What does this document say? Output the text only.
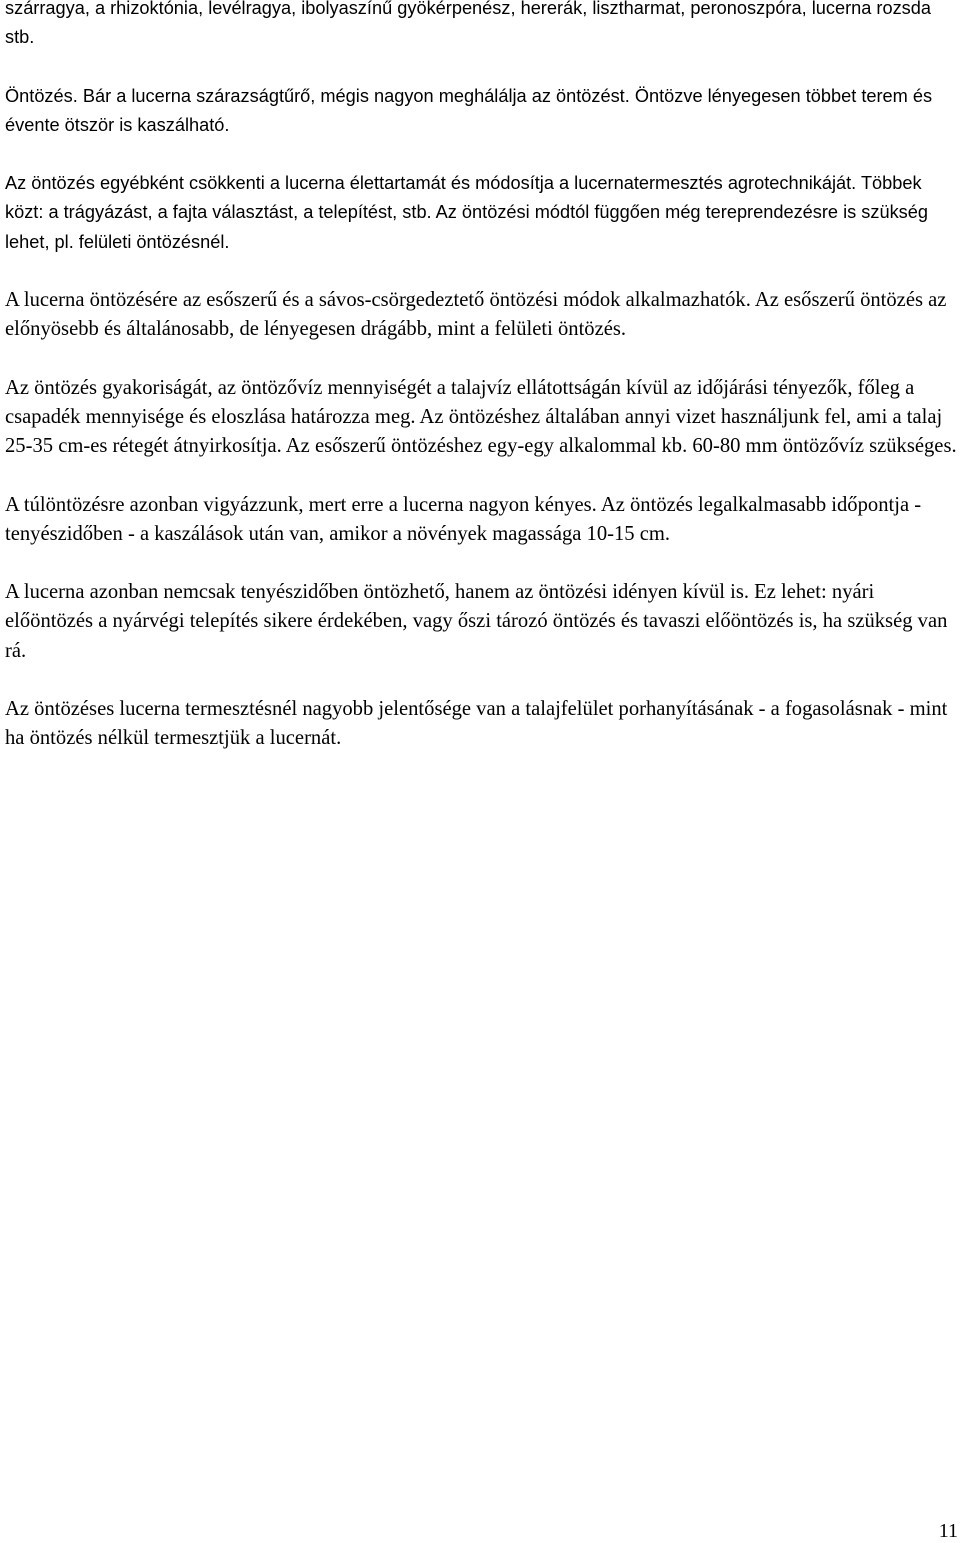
szárragya, a rhizoktónia, levélragya, ibolyaszínű gyökérpenész, hererák, lisztharmat, peronoszpóra, lucerna rozsda stb.

Öntözés. Bár a lucerna szárazságtűrő, mégis nagyon meghálálja az öntözést. Öntözve lényegesen többet terem és évente ötször is kaszálható.

Az öntözés egyébként csökkenti a lucerna élettartamát és módosítja a lucernatermesztés agrotechnikáját. Többek közt: a trágyázást, a fajta választást, a telepítést, stb. Az öntözési módtól függően még tereprendezésre is szükség lehet, pl. felületi öntözésnél.

A lucerna öntözésére az esőszerű és a sávos-csörgedeztető öntözési módok alkalmazhatók. Az esőszerű öntözés az előnyösebb és általánosabb, de lényegesen drágább, mint a felületi öntözés.

Az öntözés gyakoriságát, az öntözővíz mennyiségét a talajvíz ellátottságán kívül az időjárási tényezők, főleg a csapadék mennyisége és eloszlása határozza meg. Az öntözéshez általában annyi vizet használjunk fel, ami a talaj 25-35 cm-es rétegét átnyirkosítja. Az esőszerű öntözéshez egy-egy alkalommal kb. 60-80 mm öntözővíz szükséges.

A túlöntözésre azonban vigyázzunk, mert erre a lucerna nagyon kényes. Az öntözés legalkalmasabb időpontja - tenyészidőben - a kaszálások után van, amikor a növények magassága 10-15 cm.

A lucerna azonban nemcsak tenyészidőben öntözhető, hanem az öntözési idényen kívül is. Ez lehet: nyári előöntözés a nyárvégi telepítés sikere érdekében, vagy őszi tározó öntözés és tavaszi előöntözés is, ha szükség van rá.

Az öntözéses lucerna termesztésnél nagyobb jelentősége van a talajfelület porhanyításának - a fogasolásnak - mint ha öntözés nélkül termesztjük a lucernát.

11
